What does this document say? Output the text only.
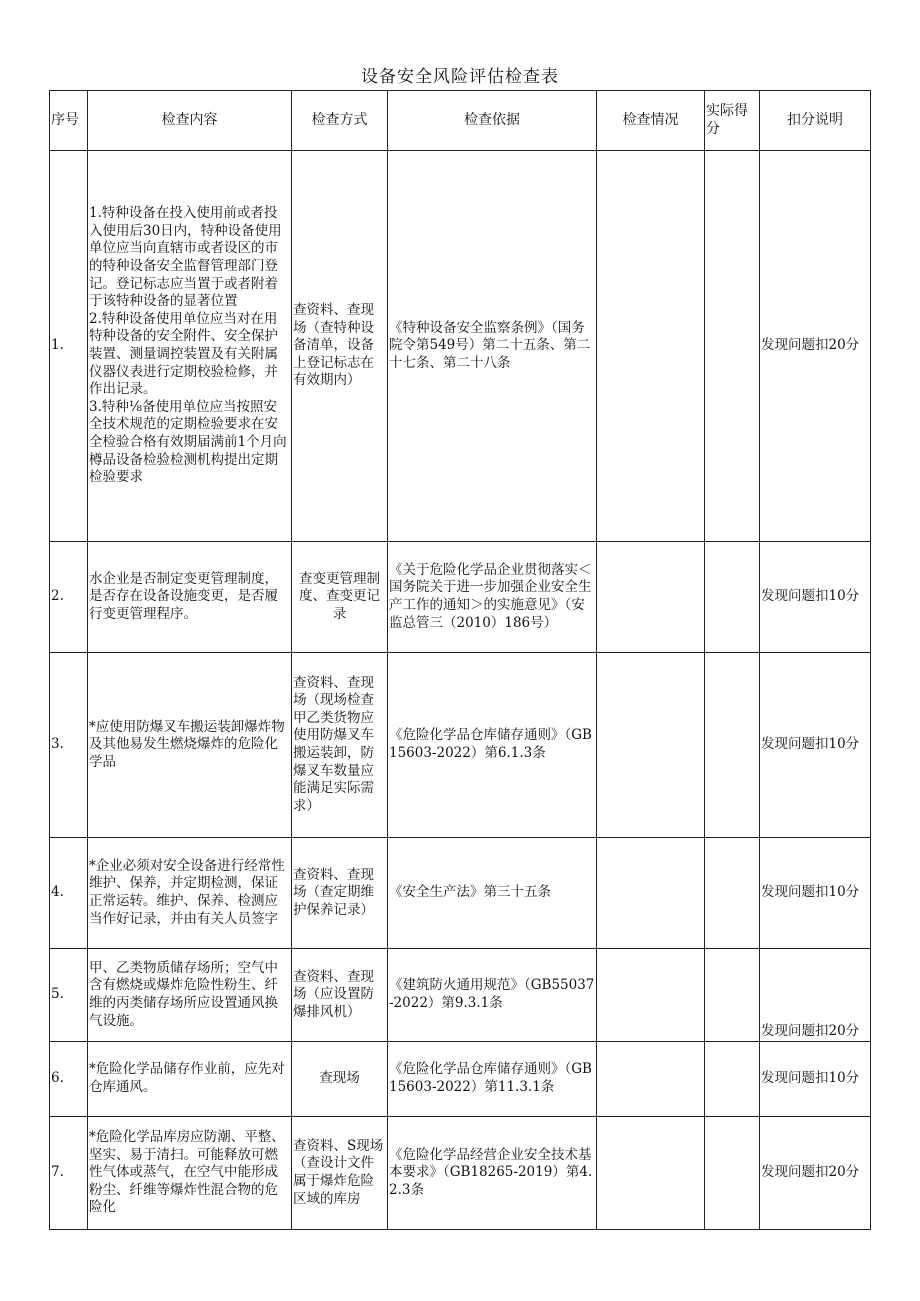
设备安全风险评估检查表
序号	检查内容	检查方式	检查依据	检查情况	实际得分	扣分说明
1.	1.特种设备在投入使用前或者投入使用后30日内，特种设备使用单位应当向直辖市或者设区的市的特种设备安全监督管理部门登记。登记标志应当置于或者附着于该特种设备的显著位置
2.特种设备使用单位应当对在用特种设备的安全附件、安全保护装置、测量调控装置及有关附属仪器仪表进行定期校验检修，并作出记录。
3.特种⅛备使用单位应当按照安全技术规范的定期检验要求在安全检验合格有效期届满前1个月向樽品设备检验检测机构提出定期检验要求	查资料、查现场（查特种设备清单，设备上登记标志在有效期内）	《特种设备安全监察条例》（国务院令第549号）第二十五条、第二十七条、第二十八条			发现问题扣20分
2.	水企业是否制定变更管理制度，是否存在设备设施变更，是否履行变更管理程序。	查变更管理制度、查变更记录	《关于危险化学品企业贯彻落实＜国务院关于进一步加强企业安全生产工作的通知＞的实施意见》（安监总管三（2010）186号）			发现问题扣10分
3.	*应使用防爆叉车搬运装卸爆炸物及其他易发生燃烧爆炸的危险化学品	查资料、查现场（现场检查甲乙类货物应使用防爆叉车搬运装卸，防爆叉车数量应能满足实际需求）	《危险化学品仓库储存通则》（GB15603-2022）第6.1.3条			发现问题扣10分
4.	*企业必须对安全设备进行经常性维护、保养，并定期检测，保证正常运转。维护、保养、检测应当作好记录，并由有关人员签字	查资料、查现场（查定期维护保养记录）	《安全生产法》第三十五条			发现问题扣10分
5.	甲、乙类物质储存场所；空气中含有燃烧或爆炸危险性粉生、纤维的丙类储存场所应设置通风换气设施。	查资料、查现场（应设置防爆排风机）	《建筑防火通用规范》（GB55037-2022）第9.3.1条			发现问题扣20分
6.	*危险化学品储存作业前，应先对仓库通风。	查现场	《危险化学品仓库储存通则》（GB15603-2022）第11.3.1条			发现问题扣10分
7.	*危险化学品库房应防潮、平整、坚实、易于清扫。可能释放可燃性气体或蒸气，在空气中能形成粉尘、纤维等爆炸性混合物的危险化	查资料、S现场（查设计文件属于爆炸危险区域的库房	《危险化学品经营企业安全技术基本要求》（GB18265-2019）第4.2.3条			发现问题扣20分
